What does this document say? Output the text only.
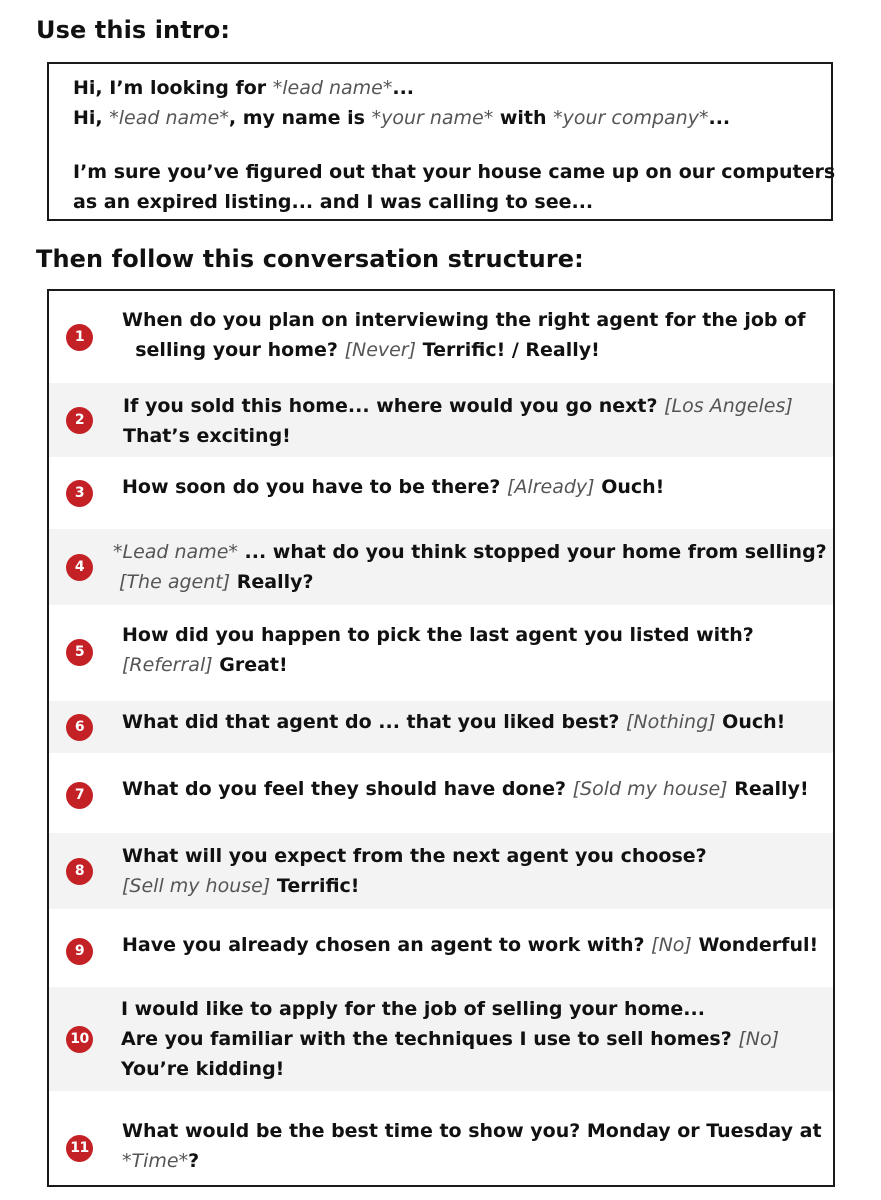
Use this intro:
Hi, I’m looking for *lead name*...
Hi, *lead name*, my name is *your name* with *your company*...
I’m sure you’ve figured out that your house came up on our computers
as an expired listing... and I was calling to see...
Then follow this conversation structure:
1
When do you plan on interviewing the right agent for the job of
selling your home? [Never] Terrific! / Really!
2
If you sold this home... where would you go next? [Los Angeles]
That’s exciting!
3	How soon do you have to be there? [Already] Ouch!
4
*Lead name* ... what do you think stopped your home from selling?
[The agent] Really?
5
How did you happen to pick the last agent you listed with?
[Referral] Great!
6	What did that agent do ... that you liked best? [Nothing] Ouch!
7	What do you feel they should have done? [Sold my house] Really!
8
What will you expect from the next agent you choose?
[Sell my house] Terrific!
9	Have you already chosen an agent to work with? [No] Wonderful!
10
I would like to apply for the job of selling your home...
Are you familiar with the techniques I use to sell homes? [No]
You’re kidding!
11
What would be the best time to show you? Monday or Tuesday at
*Time*?
